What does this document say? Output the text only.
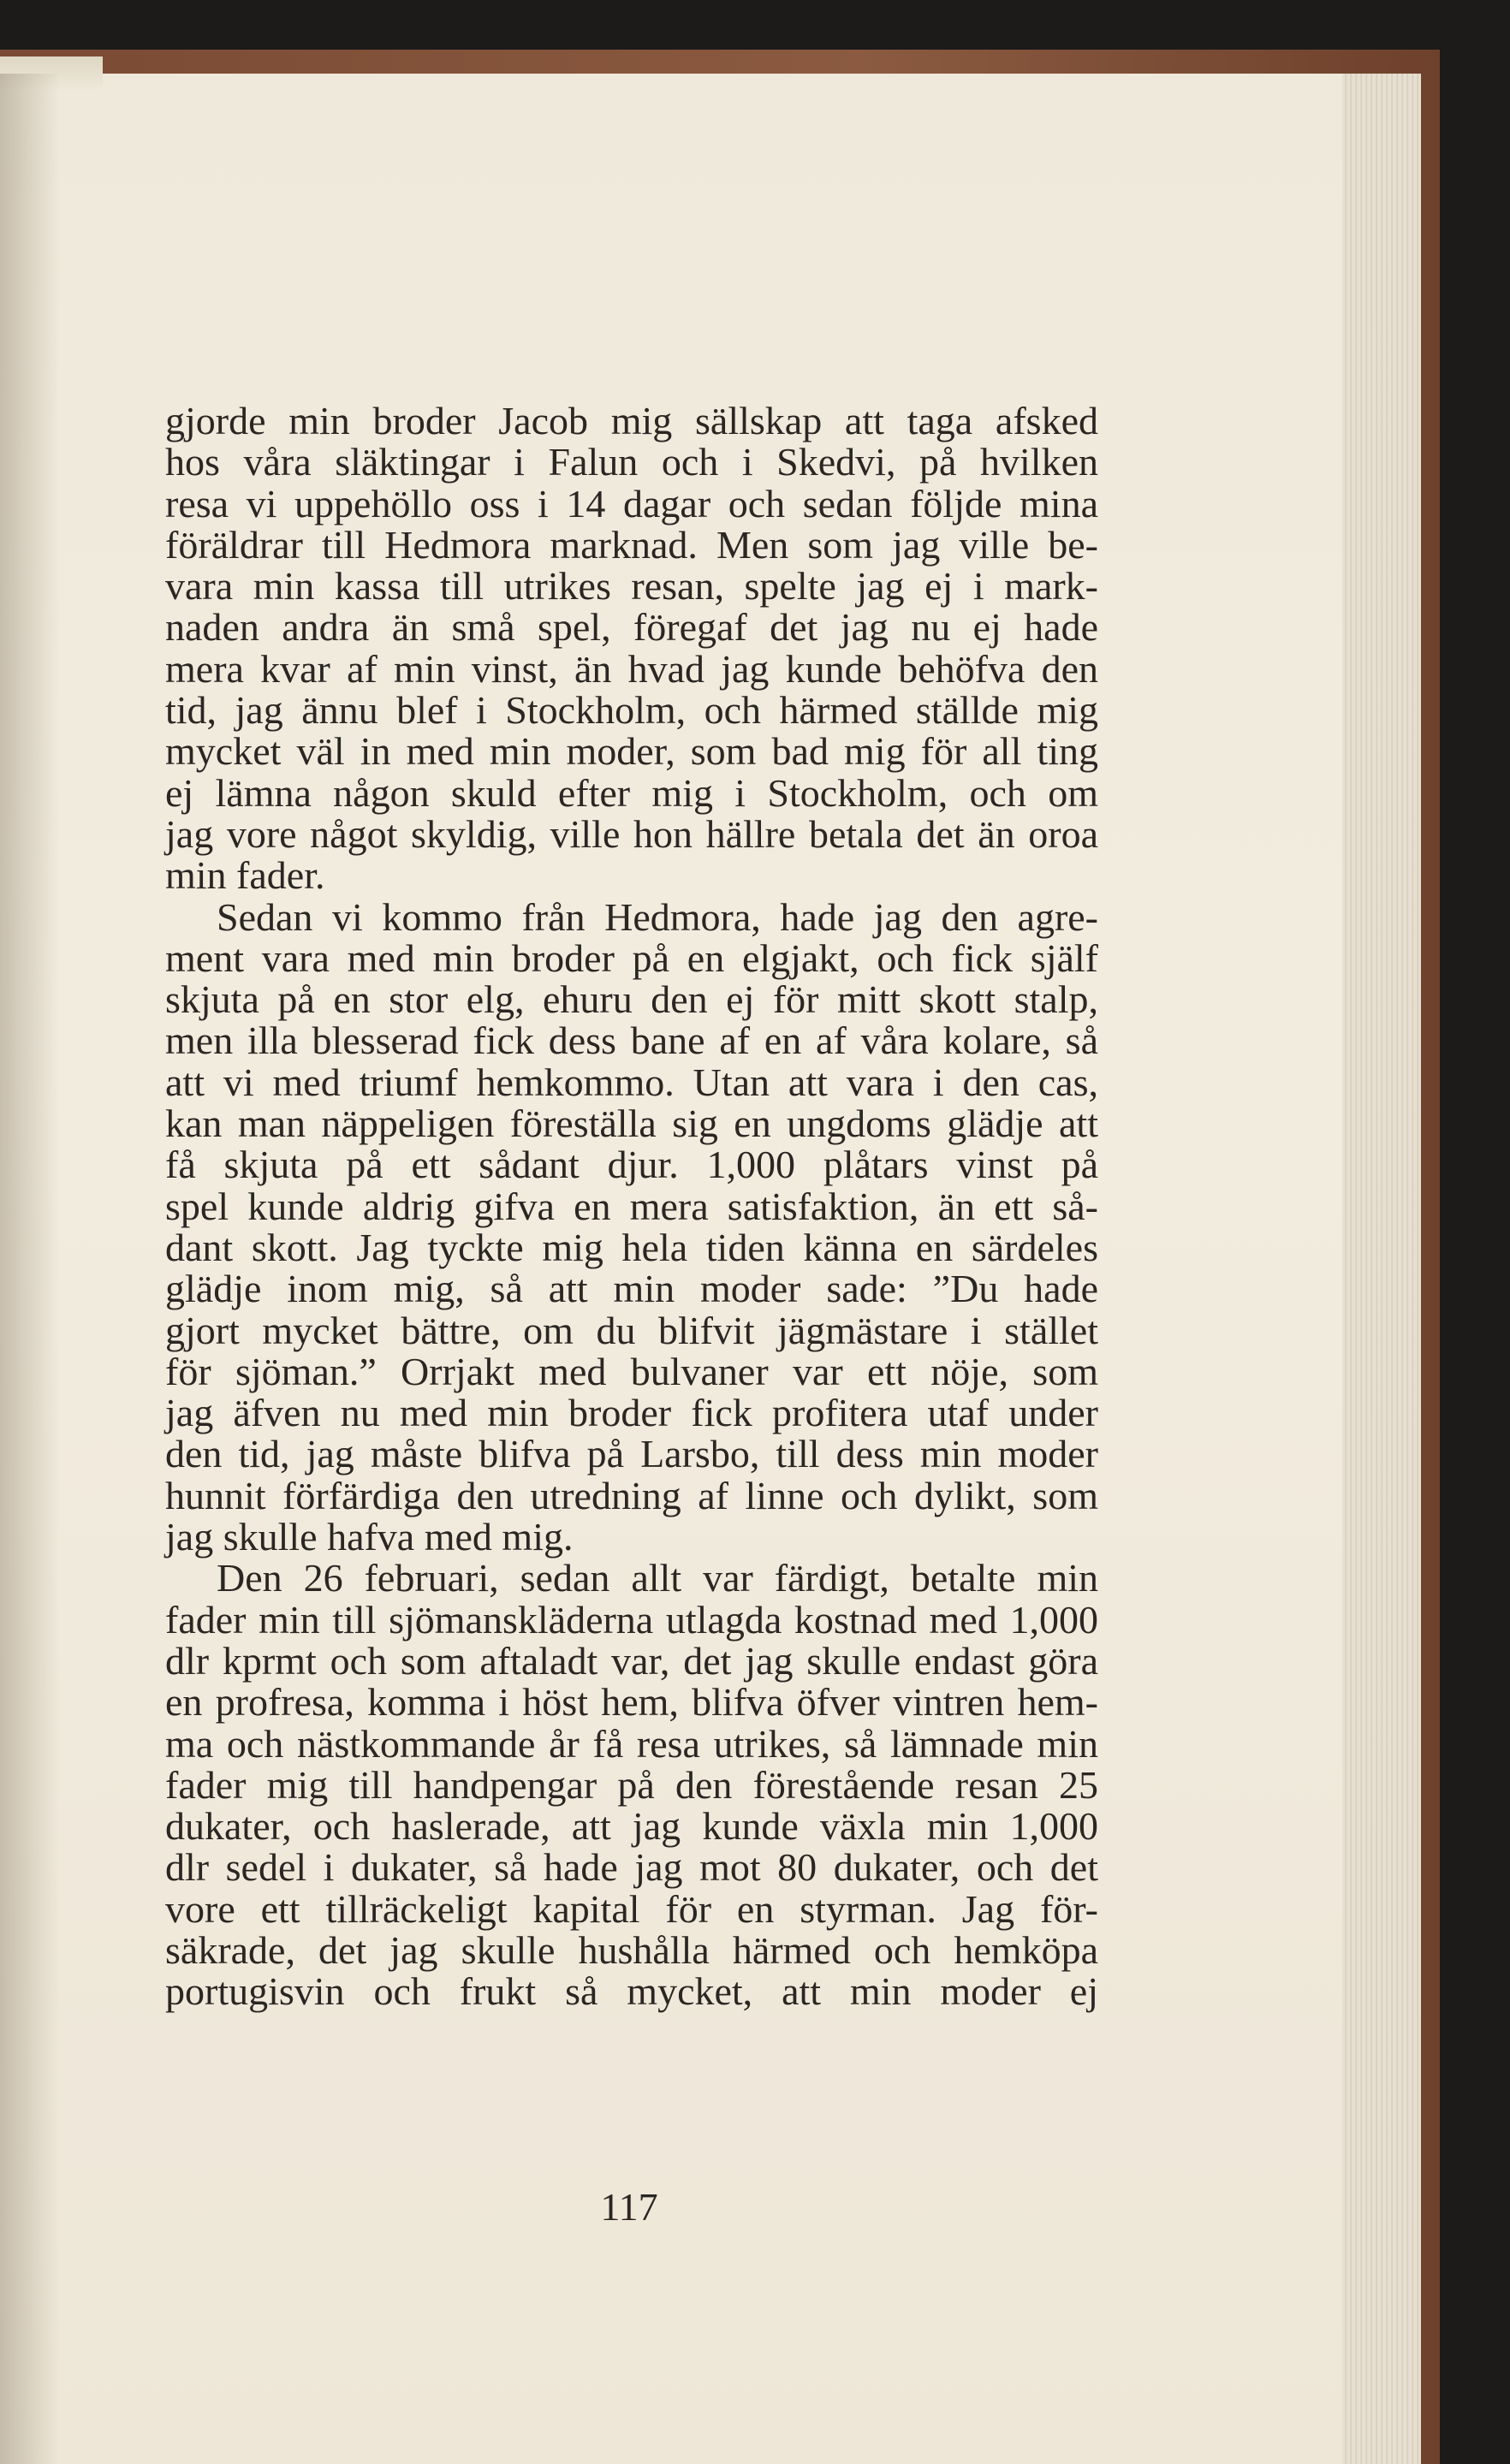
gjorde min broder Jacob mig sällskap att taga afsked
hos våra släktingar i Falun och i Skedvi, på hvilken
resa vi uppehöllo oss i 14 dagar och sedan följde mina
föräldrar till Hedmora marknad. Men som jag ville be-
vara min kassa till utrikes resan, spelte jag ej i mark-
naden andra än små spel, föregaf det jag nu ej hade
mera kvar af min vinst, än hvad jag kunde behöfva den
tid, jag ännu blef i Stockholm, och härmed ställde mig
mycket väl in med min moder, som bad mig för all ting
ej lämna någon skuld efter mig i Stockholm, och om
jag vore något skyldig, ville hon hällre betala det än oroa
min fader.
Sedan vi kommo från Hedmora, hade jag den agre-
ment vara med min broder på en elgjakt, och fick själf
skjuta på en stor elg, ehuru den ej för mitt skott stalp,
men illa blesserad fick dess bane af en af våra kolare, så
att vi med triumf hemkommo. Utan att vara i den cas,
kan man näppeligen föreställa sig en ungdoms glädje att
få skjuta på ett sådant djur. 1,000 plåtars vinst på
spel kunde aldrig gifva en mera satisfaktion, än ett så-
dant skott. Jag tyckte mig hela tiden känna en särdeles
glädje inom mig, så att min moder sade: ”Du hade
gjort mycket bättre, om du blifvit jägmästare i stället
för sjöman.” Orrjakt med bulvaner var ett nöje, som
jag äfven nu med min broder fick profitera utaf under
den tid, jag måste blifva på Larsbo, till dess min moder
hunnit förfärdiga den utredning af linne och dylikt, som
jag skulle hafva med mig.
Den 26 februari, sedan allt var färdigt, betalte min
fader min till sjömanskläderna utlagda kostnad med 1,000
dlr kprmt och som aftaladt var, det jag skulle endast göra
en profresa, komma i höst hem, blifva öfver vintren hem-
ma och nästkommande år få resa utrikes, så lämnade min
fader mig till handpengar på den förestående resan 25
dukater, och haslerade, att jag kunde växla min 1,000
dlr sedel i dukater, så hade jag mot 80 dukater, och det
vore ett tillräckeligt kapital för en styrman. Jag för-
säkrade, det jag skulle hushålla härmed och hemköpa
portugisvin och frukt så mycket, att min moder ej
117
